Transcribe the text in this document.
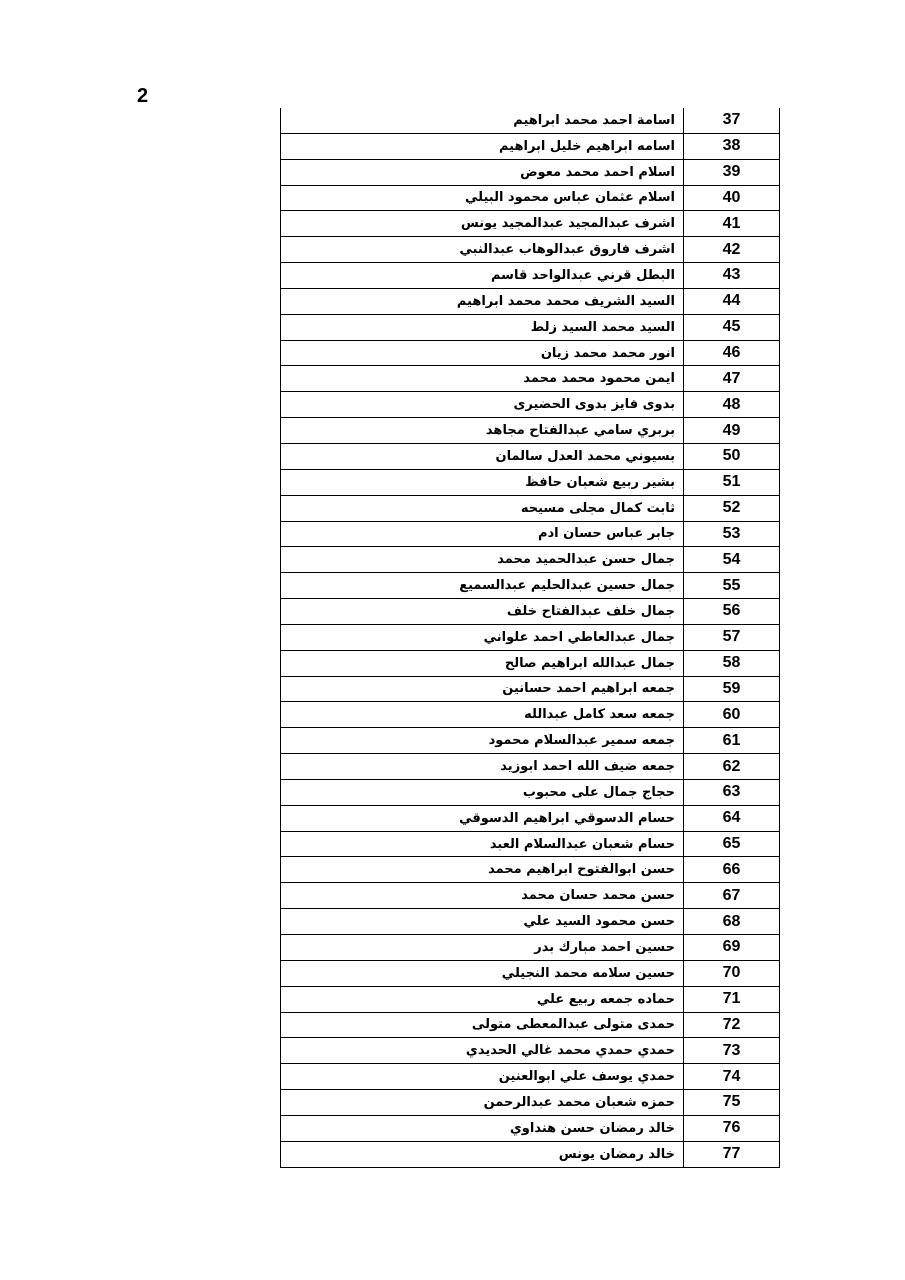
2
اسامة احمد محمد ابراهيم	37
اسامه ابراهيم خليل ابراهيم	38
اسلام احمد محمد معوض	39
اسلام عثمان عباس محمود البيلي	40
اشرف عبدالمجيد عبدالمجيد يونس	41
اشرف فاروق عبدالوهاب عبدالنبي	42
البطل قرني عبدالواحد قاسم	43
السيد الشريف محمد محمد ابراهيم	44
السيد محمد السيد زلط	45
انور محمد محمد زيان	46
ايمن محمود محمد محمد	47
بدوى فايز بدوى الحضيرى	48
بربري سامي عبدالفتاح مجاهد	49
بسيوني محمد العدل سالمان	50
بشير ربيع شعبان حافظ	51
ثابت كمال مجلى مسيحه	52
جابر عباس حسان ادم	53
جمال حسن عبدالحميد محمد	54
جمال حسين عبدالحليم عبدالسميع	55
جمال خلف عبدالفتاح خلف	56
جمال عبدالعاطي احمد علواني	57
جمال عبدالله ابراهيم صالح	58
جمعه ابراهيم احمد حسانين	59
جمعه سعد كامل عبدالله	60
جمعه سمير عبدالسلام محمود	61
جمعه ضيف الله احمد ابوزيد	62
حجاج جمال على محبوب	63
حسام الدسوقي ابراهيم الدسوقي	64
حسام شعبان عبدالسلام العبد	65
حسن ابوالفتوح ابراهيم محمد	66
حسن محمد حسان محمد	67
حسن محمود السيد علي	68
حسين احمد مبارك بدر	69
حسين سلامه محمد النجيلي	70
حماده جمعه ربيع علي	71
حمدى متولى عبدالمعطى متولى	72
حمدي حمدي محمد غالي الحديدي	73
حمدي يوسف علي ابوالعنين	74
حمزه شعبان محمد عبدالرحمن	75
خالد رمضان حسن هنداوي	76
خالد رمضان يونس	77
